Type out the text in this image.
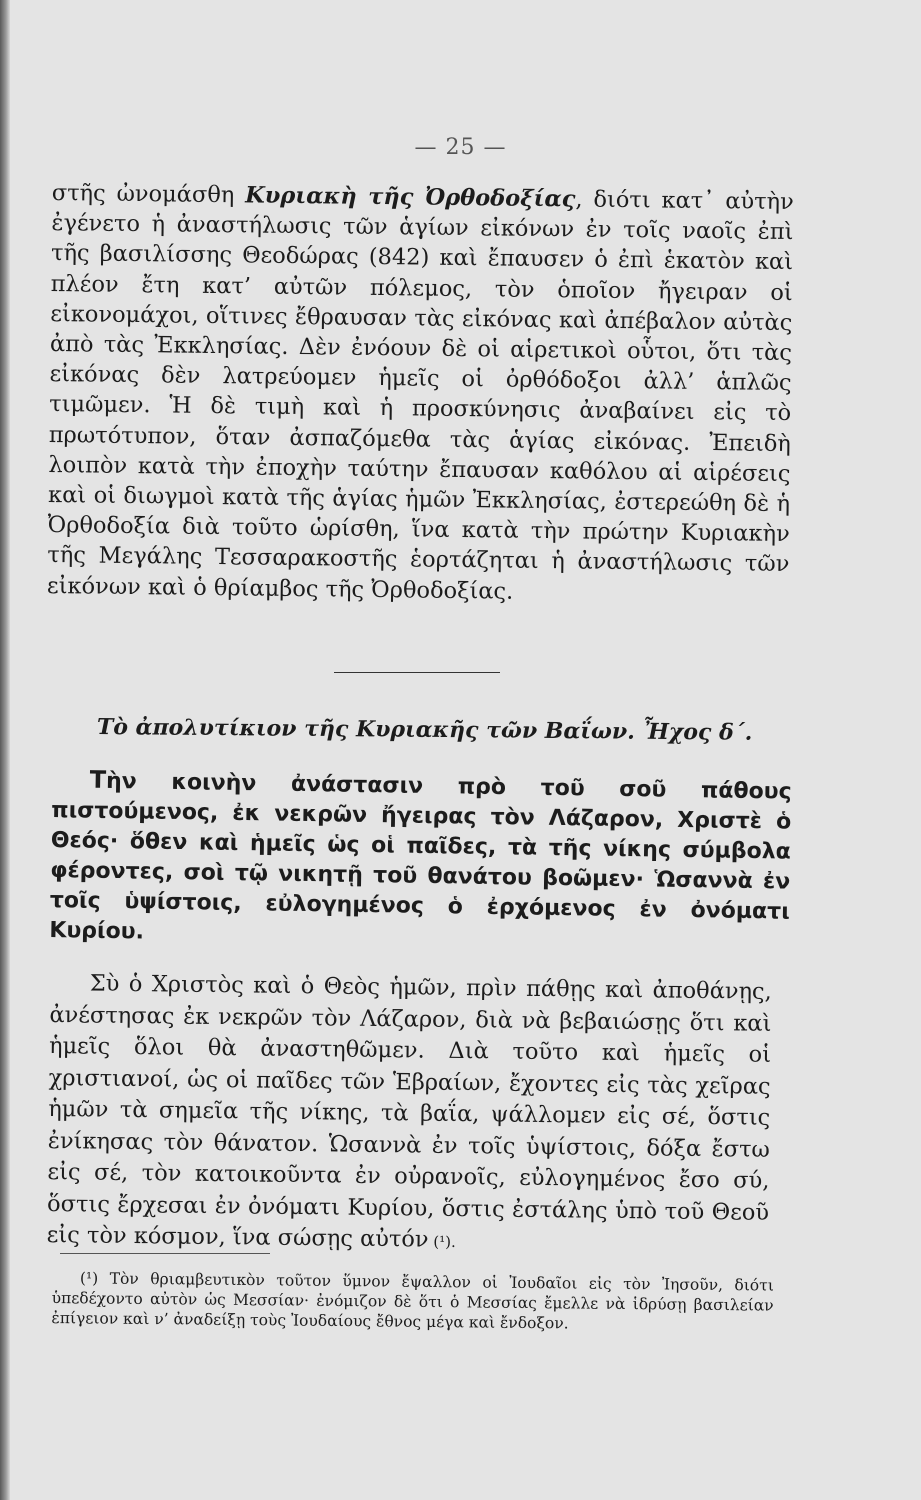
— 25 —

στῆς ὠνομάσθη Κυριακὴ τῆς Ὀρθοδοξίας, διότι κατ᾽ αὐτὴν ἐγένετο ἡ ἀναστήλωσις τῶν ἁγίων εἰκόνων ἐν τοῖς ναοῖς ἐπὶ τῆς βασιλίσσης Θεοδώρας (842) καὶ ἔπαυσεν ὁ ἐπὶ ἑκατὸν καὶ πλέον ἔτη κατ’ αὐτῶν πόλεμος, τὸν ὁποῖον ἤγειραν οἱ εἰκονομάχοι, οἵτινες ἔθραυσαν τὰς εἰκόνας καὶ ἀπέβαλον αὐτὰς ἀπὸ τὰς Ἐκκλησίας. Δὲν ἐνόουν δὲ οἱ αἱρετικοὶ οὗτοι, ὅτι τὰς εἰκόνας δὲν λατρεύομεν ἡμεῖς οἱ ὀρθόδοξοι ἀλλ’ ἁπλῶς τιμῶμεν. Ἡ δὲ τιμὴ καὶ ἡ προσκύνησις ἀναβαίνει εἰς τὸ πρωτότυπον, ὅταν ἀσπαζόμεθα τὰς ἁγίας εἰκόνας. Ἐπειδὴ λοιπὸν κατὰ τὴν ἐποχὴν ταύτην ἔπαυσαν καθόλου αἱ αἱρέσεις καὶ οἱ διωγμοὶ κατὰ τῆς ἁγίας ἡμῶν Ἐκκλησίας, ἐστερεώθη δὲ ἡ Ὀρθοδοξία διὰ τοῦτο ὡρίσθη, ἵνα κατὰ τὴν πρώτην Κυριακὴν τῆς Μεγάλης Τεσσαρακοστῆς ἑορτάζηται ἡ ἀναστήλωσις τῶν εἰκόνων καὶ ὁ θρίαμβος τῆς Ὀρθοδοξίας.

Τὸ ἀπολυτίκιον τῆς Κυριακῆς τῶν Βαΐων. Ἦχος δ΄.

Τὴν κοινὴν ἀνάστασιν πρὸ τοῦ σοῦ πάθους πιστούμενος, ἐκ νεκρῶν ἤγειρας τὸν Λάζαρον, Χριστὲ ὁ Θεός· ὅθεν καὶ ἡμεῖς ὡς οἱ παῖδες, τὰ τῆς νίκης σύμβολα φέροντες, σοὶ τῷ νικητῇ τοῦ θανάτου βοῶμεν· Ὡσαννὰ ἐν τοῖς ὑψίστοις, εὐλογημένος ὁ ἐρχόμενος ἐν ὀνόματι Κυρίου.

Σὺ ὁ Χριστὸς καὶ ὁ Θεὸς ἡμῶν, πρὶν πάθῃς καὶ ἀποθάνῃς, ἀνέστησας ἐκ νεκρῶν τὸν Λάζαρον, διὰ νὰ βεβαιώσῃς ὅτι καὶ ἡμεῖς ὅλοι θὰ ἀναστηθῶμεν. Διὰ τοῦτο καὶ ἡμεῖς οἱ χριστιανοί, ὡς οἱ παῖδες τῶν Ἑβραίων, ἔχοντες εἰς τὰς χεῖρας ἡμῶν τὰ σημεῖα τῆς νίκης, τὰ βαΐα, ψάλλομεν εἰς σέ, ὅστις ἐνίκησας τὸν θάνατον. Ὡσαννὰ ἐν τοῖς ὑψίστοις, δόξα ἔστω εἰς σέ, τὸν κατοικοῦντα ἐν οὐρανοῖς, εὐλογημένος ἔσο σύ, ὅστις ἔρχεσαι ἐν ὀνόματι Κυρίου, ὅστις ἐστάλης ὑπὸ τοῦ Θεοῦ εἰς τὸν κόσμον, ἵνα σώσῃς αὐτόν (¹).

(¹) Τὸν θριαμβευτικὸν τοῦτον ὕμνον ἔψαλλον οἱ Ἰουδαῖοι εἰς τὸν Ἰησοῦν, διότι ὑπεδέχοντο αὐτὸν ὡς Μεσσίαν· ἐνόμιζον δὲ ὅτι ὁ Μεσσίας ἔμελλε νὰ ἱδρύσῃ βασιλείαν ἐπίγειον καὶ ν’ ἀναδείξῃ τοὺς Ἰουδαίους ἔθνος μέγα καὶ ἔνδοξον.
